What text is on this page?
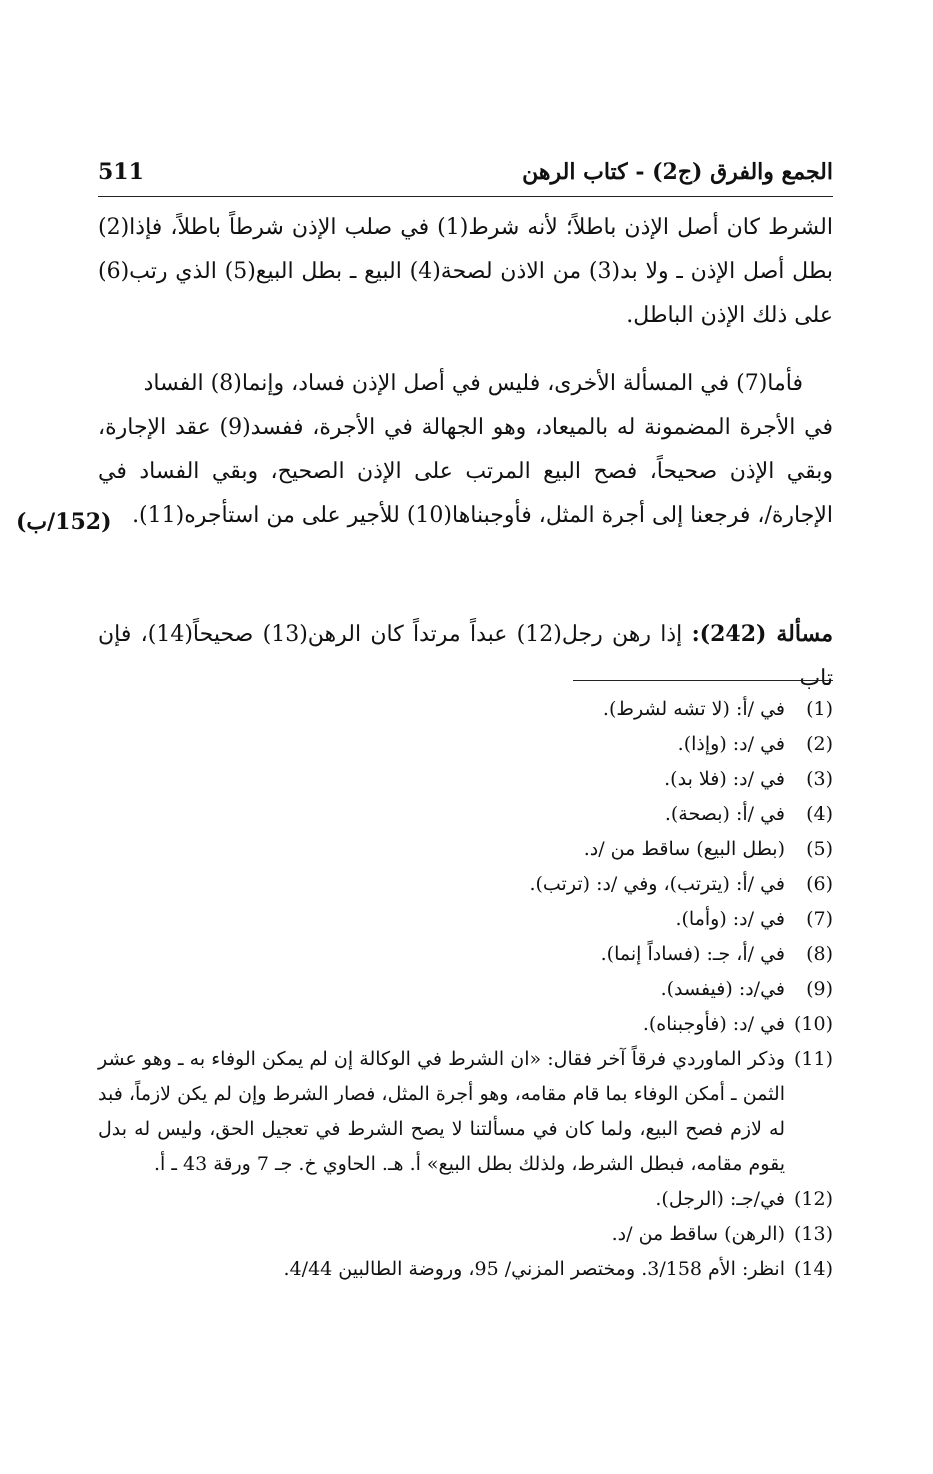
الجمع والفرق (ج2) - كتاب الرهن
511
الشرط كان أصل الإذن باطلاً؛ لأنه شرط(1) في صلب الإذن شرطاً باطلاً، فإذا(2) بطل أصل الإذن ـ ولا بد(3) من الاذن لصحة(4) البيع ـ بطل البيع(5) الذي رتب(6) على ذلك الإذن الباطل.
فأما(7) في المسألة الأخرى، فليس في أصل الإذن فساد، وإنما(8) الفساد
في الأجرة المضمونة له بالميعاد، وهو الجهالة في الأجرة، ففسد(9) عقد الإجارة، وبقي الإذن صحيحاً، فصح البيع المرتب على الإذن الصحيح، وبقي الفساد في الإجارة/، فرجعنا إلى أجرة المثل، فأوجبناها(10) للأجير على من استأجره(11).
(152/ب)
مسألة (242): إذا رهن رجل(12) عبداً مرتداً كان الرهن(13) صحيحاً(14)، فإن تاب
(1)
في /أ: (لا تشه لشرط).
(2)
في /د: (وإذا).
(3)
في /د: (فلا بد).
(4)
في /أ: (بصحة).
(5)
(بطل البيع) ساقط من /د.
(6)
في /أ: (يترتب)، وفي /د: (ترتب).
(7)
في /د: (وأما).
(8)
في /أ، جـ: (فساداً إنما).
(9)
في/د: (فيفسد).
(10)
في /د: (فأوجبناه).
(11)
وذكر الماوردي فرقاً آخر فقال: «ان الشرط في الوكالة إن لم يمكن الوفاء به ـ وهو عشر الثمن ـ أمكن الوفاء بما قام مقامه، وهو أجرة المثل، فصار الشرط وإن لم يكن لازماً، فبد له لازم فصح البيع، ولما كان في مسألتنا لا يصح الشرط في تعجيل الحق، وليس له بدل يقوم مقامه، فبطل الشرط، ولذلك بطل البيع» أ. هـ. الحاوي خ. جـ 7 ورقة 43 ـ أ.
(12)
في/جـ: (الرجل).
(13)
(الرهن) ساقط من /د.
(14)
انظر: الأم 3/158. ومختصر المزني/ 95، وروضة الطالبين 4/44.
